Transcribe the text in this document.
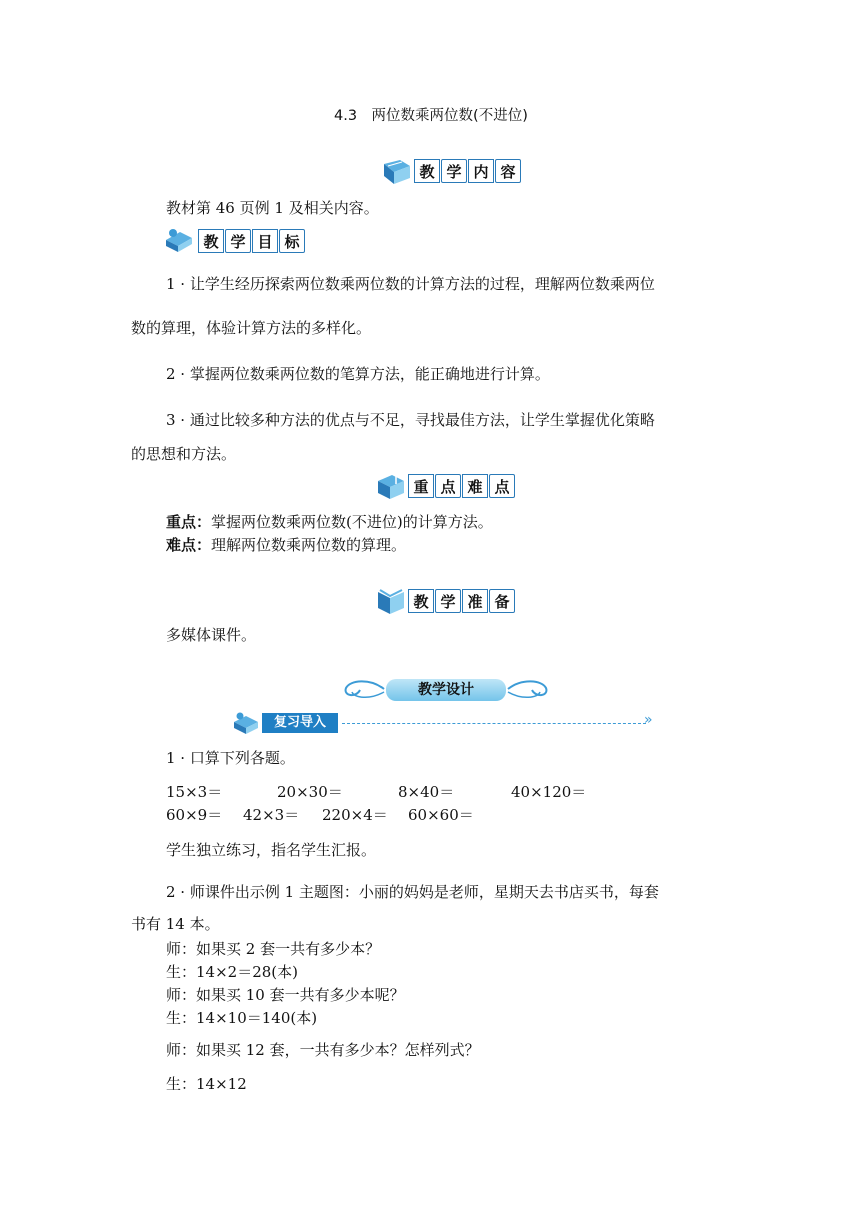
4.3　两位数乘两位数(不进位)
教 学 内 容
教材第 46 页例 1 及相关内容。
教 学 目 标
1 · 让学生经历探索两位数乘两位数的计算方法的过程，理解两位数乘两位
数的算理，体验计算方法的多样化。
2 · 掌握两位数乘两位数的笔算方法，能正确地进行计算。
3 · 通过比较多种方法的优点与不足，寻找最佳方法，让学生掌握优化策略
的思想和方法。
重 点 难 点
重点：掌握两位数乘两位数(不进位)的计算方法。
难点：理解两位数乘两位数的算理。
教 学 准 备
多媒体课件。
教学设计
复习导入	»
1 · 口算下列各题。
15×3＝	20×30＝	8×40＝	40×120＝
60×9＝ 42×3＝ 220×4＝ 60×60＝
学生独立练习，指名学生汇报。
2 · 师课件出示例 1 主题图：小丽的妈妈是老师，星期天去书店买书，每套
书有 14 本。
师：如果买 2 套一共有多少本？
生：14×2＝28(本)
师：如果买 10 套一共有多少本呢？
生：14×10＝140(本)
师：如果买 12 套，一共有多少本？怎样列式？
生：14×12
